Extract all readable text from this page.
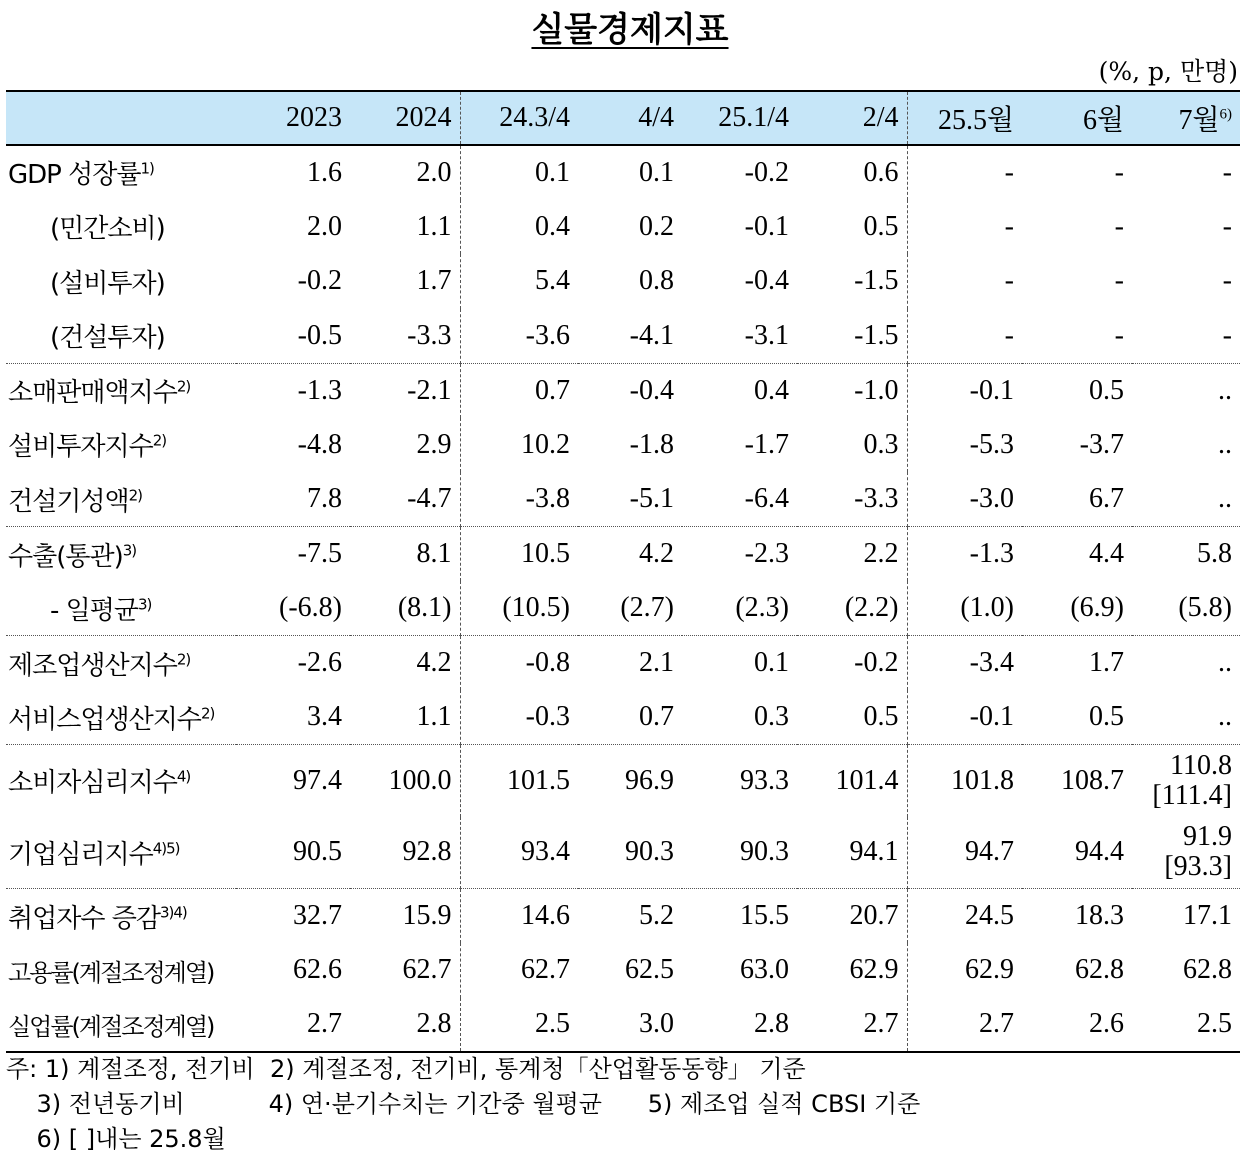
실물경제지표
(%, p, 만명)
	2023	2024	24.3/4	4/4	25.1/4	2/4	25.5월	6월	7월$^{6)}$
GDP 성장률$^{1)}$	1.6	2.0	0.1	0.1	-0.2	0.6	-	-	-
(민간소비)	2.0	1.1	0.4	0.2	-0.1	0.5	-	-	-
(설비투자)	-0.2	1.7	5.4	0.8	-0.4	-1.5	-	-	-
(건설투자)	-0.5	-3.3	-3.6	-4.1	-3.1	-1.5	-	-	-
소매판매액지수$^{2)}$	-1.3	-2.1	0.7	-0.4	0.4	-1.0	-0.1	0.5	..
설비투자지수$^{2)}$	-4.8	2.9	10.2	-1.8	-1.7	0.3	-5.3	-3.7	..
건설기성액$^{2)}$	7.8	-4.7	-3.8	-5.1	-6.4	-3.3	-3.0	6.7	..
수출(통관)$^{3)}$	-7.5	8.1	10.5	4.2	-2.3	2.2	-1.3	4.4	5.8
- 일평균$^{3)}$	(-6.8)	(8.1)	(10.5)	(2.7)	(2.3)	(2.2)	(1.0)	(6.9)	(5.8)
제조업생산지수$^{2)}$	-2.6	4.2	-0.8	2.1	0.1	-0.2	-3.4	1.7	..
서비스업생산지수$^{2)}$	3.4	1.1	-0.3	0.7	0.3	0.5	-0.1	0.5	..
소비자심리지수$^{4)}$	97.4	100.0	101.5	96.9	93.3	101.4	101.8	108.7	110.8
[111.4]
기업심리지수$^{4)5)}$	90.5	92.8	93.4	90.3	90.3	94.1	94.7	94.4	91.9
[93.3]
취업자수 증감$^{3)4)}$	32.7	15.9	14.6	5.2	15.5	20.7	24.5	18.3	17.1
고용률(계절조정계열)	62.6	62.7	62.7	62.5	63.0	62.9	62.9	62.8	62.8
실업률(계절조정계열)	2.7	2.8	2.5	3.0	2.8	2.7	2.7	2.6	2.5
주: 1) 계절조정, 전기비  2) 계절조정, 전기비, 통계청「산업활동동향」 기준
3) 전년동기비           4) 연·분기수치는 기간중 월평균      5) 제조업 실적 CBSI 기준
6) [ ]내는 25.8월
